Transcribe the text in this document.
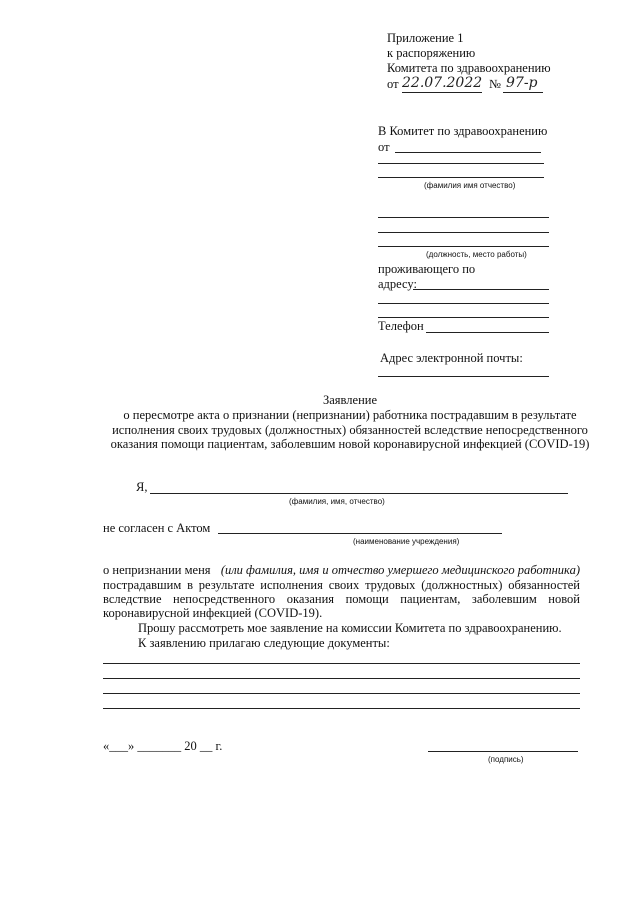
Приложение 1
к распоряжению
Комитета по здравоохранению
от 22.07.2022 № 97-р
В Комитет по здравоохранению
от
(фамилия имя отчество)
(должность, место работы)
проживающего по
адресу:
Телефон
Адрес электронной почты:
Заявление
о пересмотре акта о признании (непризнании) работника пострадавшим в результате
исполнения своих трудовых (должностных) обязанностей вследствие непосредственного
оказания помощи пациентам, заболевшим новой коронавирусной инфекцией (COVID-19)
Я,
(фамилия, имя, отчество)
не согласен с Актом
(наименование учреждения)
о непризнании меня (или фамилия, имя и отчество умершего медицинского работника)
пострадавшим в результате исполнения своих трудовых (должностных) обязанностей
вследствие непосредственного оказания помощи пациентам, заболевшим новой
коронавирусной инфекцией (COVID-19).
Прошу рассмотреть мое заявление на комиссии Комитета по здравоохранению.
К заявлению прилагаю следующие документы:
«___» _______ 20 __ г.
(подпись)
